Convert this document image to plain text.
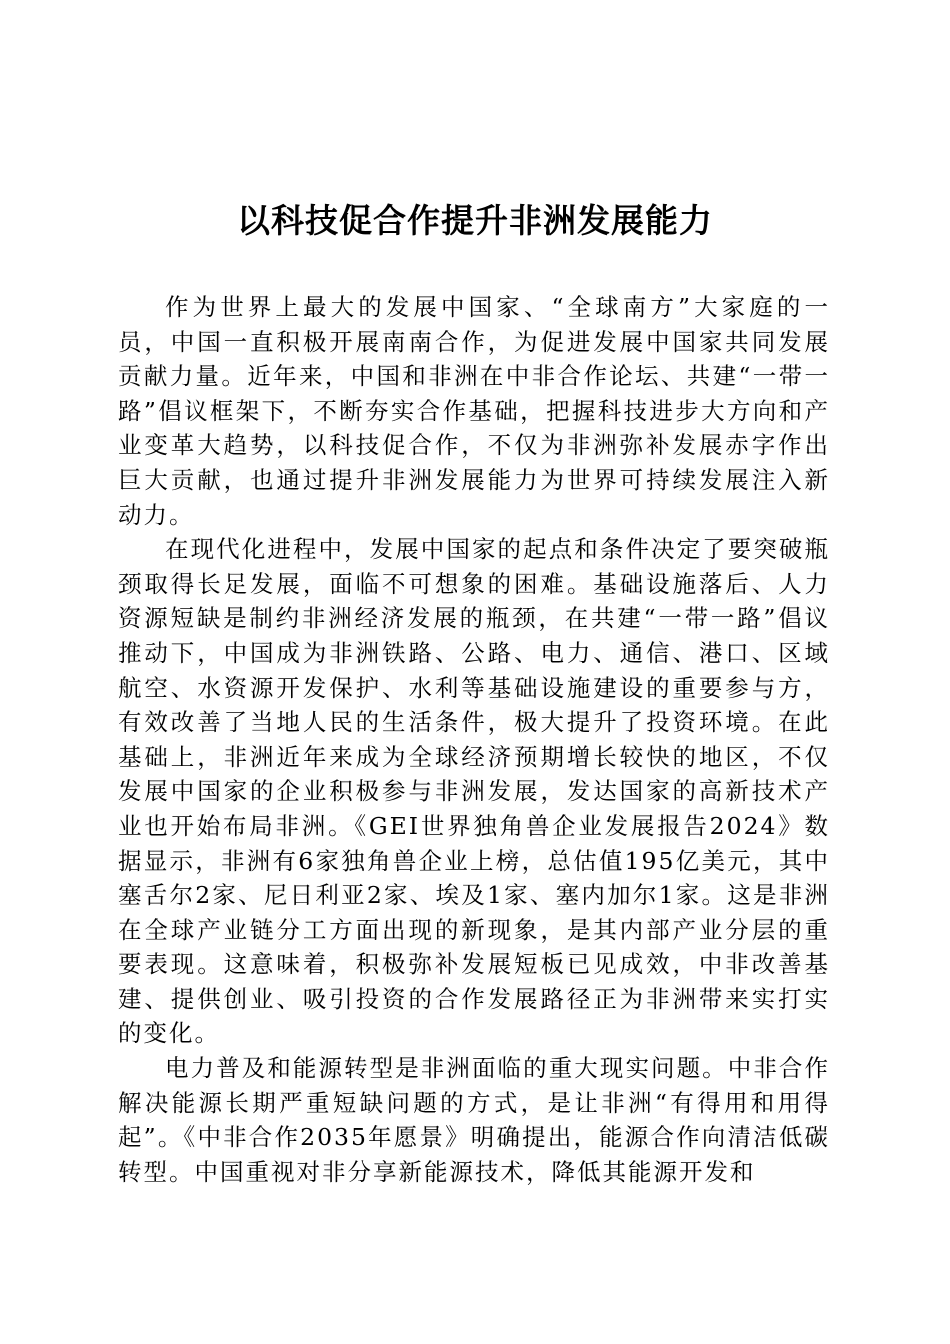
以科技促合作提升非洲发展能力

作为世界上最大的发展中国家、“全球南方”大家庭的一员，中国一直积极开展南南合作，为促进发展中国家共同发展贡献力量。近年来，中国和非洲在中非合作论坛、共建“一带一路”倡议框架下，不断夯实合作基础，把握科技进步大方向和产业变革大趋势，以科技促合作，不仅为非洲弥补发展赤字作出巨大贡献，也通过提升非洲发展能力为世界可持续发展注入新动力。

在现代化进程中，发展中国家的起点和条件决定了要突破瓶颈取得长足发展，面临不可想象的困难。基础设施落后、人力资源短缺是制约非洲经济发展的瓶颈，在共建“一带一路”倡议推动下，中国成为非洲铁路、公路、电力、通信、港口、区域航空、水资源开发保护、水利等基础设施建设的重要参与方，有效改善了当地人民的生活条件，极大提升了投资环境。在此基础上，非洲近年来成为全球经济预期增长较快的地区，不仅发展中国家的企业积极参与非洲发展，发达国家的高新技术产业也开始布局非洲。《GEI世界独角兽企业发展报告2024》数据显示，非洲有6家独角兽企业上榜，总估值195亿美元，其中塞舌尔2家、尼日利亚2家、埃及1家、塞内加尔1家。这是非洲在全球产业链分工方面出现的新现象，是其内部产业分层的重要表现。这意味着，积极弥补发展短板已见成效，中非改善基建、提供创业、吸引投资的合作发展路径正为非洲带来实打实的变化。

电力普及和能源转型是非洲面临的重大现实问题。中非合作解决能源长期严重短缺问题的方式，是让非洲“有得用和用得起”。《中非合作2035年愿景》明确提出，能源合作向清洁低碳转型。中国重视对非分享新能源技术，降低其能源开发和
